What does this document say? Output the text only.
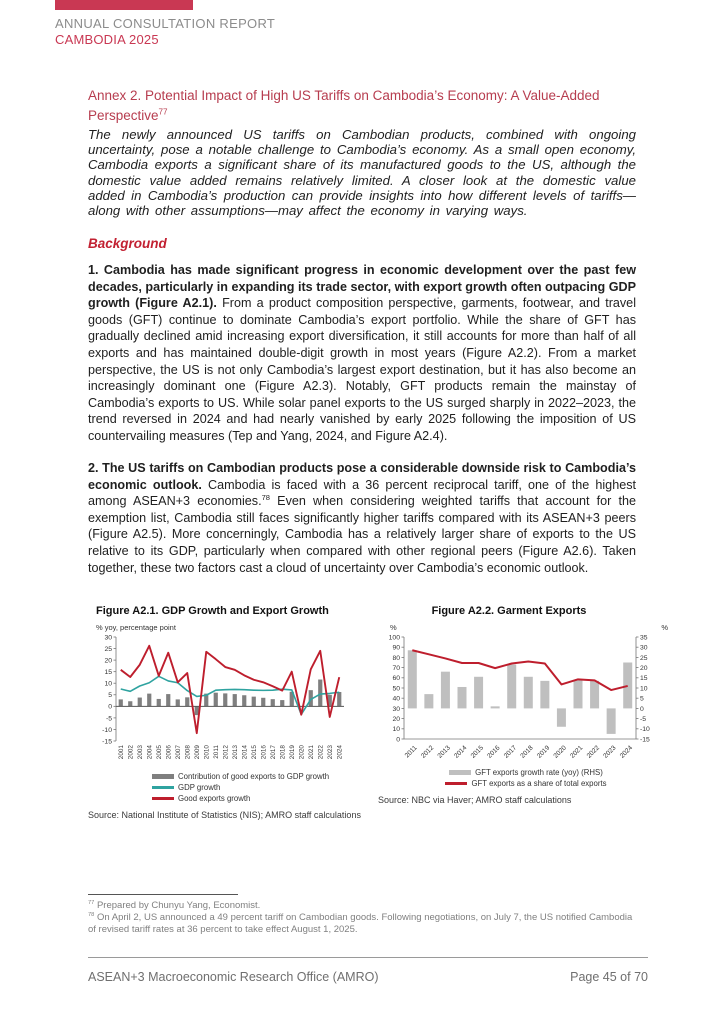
ANNUAL CONSULTATION REPORT
CAMBODIA 2025
Annex 2. Potential Impact of High US Tariffs on Cambodia’s Economy: A Value-Added Perspective$^{77}$

The newly announced US tariffs on Cambodian products, combined with ongoing uncertainty, pose a notable challenge to Cambodia’s economy. As a small open economy, Cambodia exports a significant share of its manufactured goods to the US, although the domestic value added remains relatively limited. A closer look at the domestic value added in Cambodia’s production can provide insights into how different levels of tariffs—along with other assumptions—may affect the economy in varying ways.

Background

1. Cambodia has made significant progress in economic development over the past few decades, particularly in expanding its trade sector, with export growth often outpacing GDP growth (Figure A2.1). From a product composition perspective, garments, footwear, and travel goods (GFT) continue to dominate Cambodia’s export portfolio. While the share of GFT has gradually declined amid increasing export diversification, it still accounts for more than half of all exports and has maintained double-digit growth in most years (Figure A2.2). From a market perspective, the US is not only Cambodia’s largest export destination, but it has also become an increasingly dominant one (Figure A2.3). Notably, GFT products remain the mainstay of Cambodia’s exports to US. While solar panel exports to the US surged sharply in 2022–2023, the trend reversed in 2024 and had nearly vanished by early 2025 following the imposition of US countervailing measures (Tep and Yang, 2024, and Figure A2.4).

2. The US tariffs on Cambodian products pose a considerable downside risk to Cambodia’s economic outlook. Cambodia is faced with a 36 percent reciprocal tariff, one of the highest among ASEAN+3 economies.$^{78}$ Even when considering weighted tariffs that account for the exemption list, Cambodia still faces significantly higher tariffs compared with its ASEAN+3 peers (Figure A2.5). More concerningly, Cambodia has a relatively larger share of exports to the US relative to its GDP, particularly when compared with other regional peers (Figure A2.6). Taken together, these two factors cast a cloud of uncertainty over Cambodia’s economic outlook.

Figure A2.1. GDP Growth and Export Growth
% yoy, percentage point
30
25
20
15
10
5
0
-5
-10
-15
2001 2002 2003 2004 2005 2006 2007 2008 2009 2010 2011 2012 2013 2014 2015 2016 2017 2018 2019 2020 2021 2022 2023 2024
Contribution of good exports to GDP growth
GDP growth
Good exports growth
Source: National Institute of Statistics (NIS); AMRO staff calculations
Figure A2.2. Garment Exports
%	%
100
90
80
70
60
50
40
30
20
10
0
35
30
25
20
15
10
5
0
-5
-10
-15
2011 2012 2013 2014 2015 2016 2017 2018 2019 2020 2021 2022 2023 2024
GFT exports growth rate (yoy) (RHS)
GFT exports as a share of total exports
Source: NBC via Haver; AMRO staff calculations

$^{77}$ Prepared by Chunyu Yang, Economist.

$^{78}$ On April 2, US announced a 49 percent tariff on Cambodian goods. Following negotiations, on July 7, the US notified Cambodia of revised tariff rates at 36 percent to take effect August 1, 2025.

ASEAN+3 Macroeconomic Research Office (AMRO)	Page 45 of 70
